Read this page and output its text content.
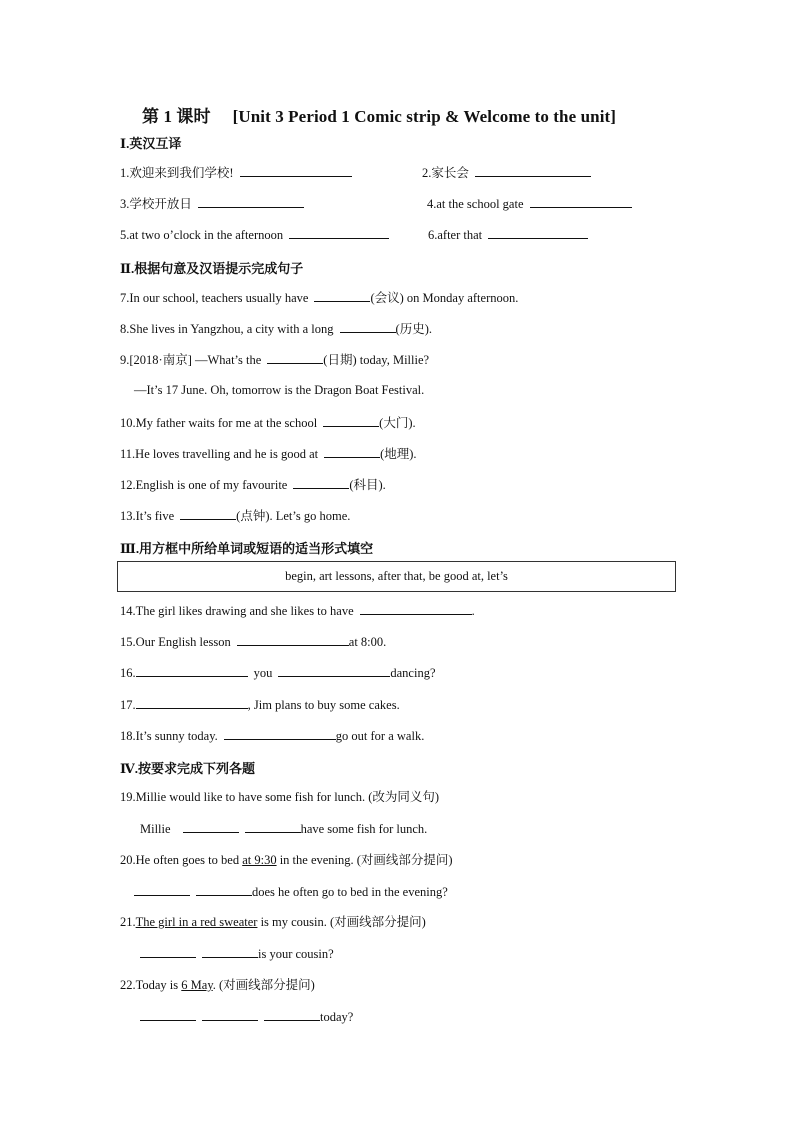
第 1 课时 [Unit 3 Period 1 Comic strip & Welcome to the unit]
Ⅰ.英汉互译
1.欢迎来到我们学校!	2.家长会
3.学校开放日	4.at the school gate
5.at two o’clock in the afternoon	6.after that
Ⅱ.根据句意及汉语提示完成句子
7.In our school, teachers usually have	(会议) on Monday afternoon.
8.She lives in Yangzhou, a city with a long	(历史).
9.[2018·南京] —What’s the	(日期) today, Millie?
—It’s 17 June. Oh, tomorrow is the Dragon Boat Festival.
10.My father waits for me at the school	(大门).
11.He loves travelling and he is good at	(地理).
12.English is one of my favourite	(科目).
13.It’s five	(点钟). Let’s go home.
Ⅲ.用方框中所给单词或短语的适当形式填空
begin, art lessons, after that, be good at, let’s
14.The girl likes drawing and she likes to have	.
15.Our English lesson	at 8:00.
16.	you	dancing?
17.	, Jim plans to buy some cakes.
18.It’s sunny today.	go out for a walk.
Ⅳ.按要求完成下列各题
19.Millie would like to have some fish for lunch. (改为同义句)
Millie	have some fish for lunch.
20.He often goes to bed at 9:30 in the evening. (对画线部分提问)
does he often go to bed in the evening?
21.The girl in a red sweater is my cousin. (对画线部分提问)
is your cousin?
22.Today is 6 May. (对画线部分提问)
today?
